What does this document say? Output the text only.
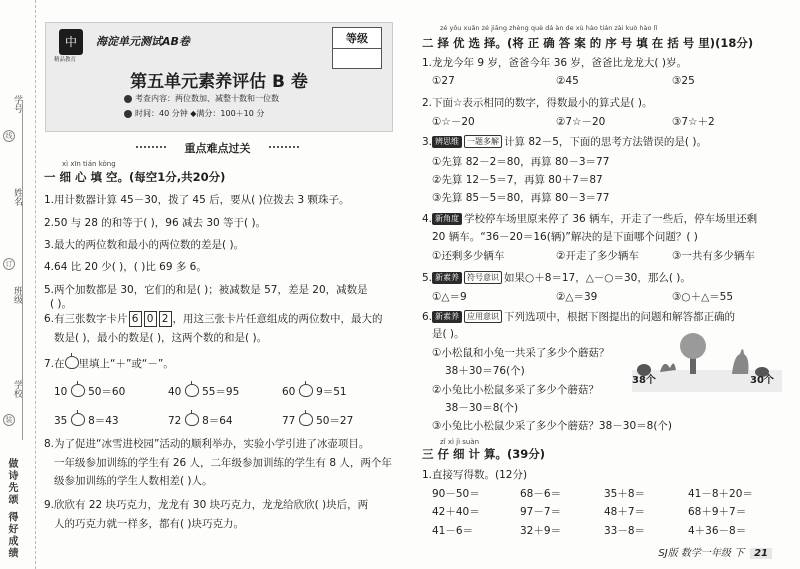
学号
线
姓名
订
班级
学校
装
做诗先颂 得好成绩
中
精品教育
海淀单元测试AB卷	等级
第五单元素养评估 B 卷
考查内容：两位数加、减整十数和一位数
时间：40 分钟 ◆满分：100＋10 分
重点难点过关
xì xīn tián kòng
一 细 心 填 空。(每空1分,共20分)
1.用计数器计算 45－30，拨了 45 后，要从( )位拨去 3 颗珠子。
2.50 与 28 的和等于( )，96 减去 30 等于( )。
3.最大的两位数和最小的两位数的差是( )。
4.64 比 20 少( )，( )比 69 多 6。
5.两个加数都是 30，它们的和是( )；被减数是 57，差是 20，减数是
( )。
6.有三张数字卡片 6 0 2 ，用这三张卡片任意组成的两位数中，最大的
数是( )，最小的数是( )，这两个数的和是( )。
7.在 里填上“＋”或“－”。
10 50＝60	40 55＝95	60 9＝51
35 8＝43	72 8＝64	77 50＝27
8.为了促进“冰雪进校园”活动的顺利举办，实验小学引进了冰壶项目。
一年级参加训练的学生有 26 人，二年级参加训练的学生有 8 人，两个年
级参加训练的学生人数相差( )人。
9.欣欣有 22 块巧克力，龙龙有 30 块巧克力，龙龙给欣欣( )块后，两
人的巧克力就一样多，都有( )块巧克力。
zé yōu xuǎn zé jiāng zhèng què dá àn de xù hào tián zài kuò hào lǐ
二 择 优 选 择。(将 正 确 答 案 的 序 号 填 在 括 号 里)(18分)
1.龙龙今年 9 岁，爸爸今年 36 岁，爸爸比龙龙大( )岁。
①27	②45	③25
2.下面☆表示相同的数字，得数最小的算式是( )。
①☆－20	②7☆－20	③7☆＋2
3. 辨思维 一题多解 计算 82－5，下面的思考方法错误的是( )。
①先算 82－2＝80，再算 80－3＝77
②先算 12－5＝7，再算 80＋7＝87
③先算 85－5＝80，再算 80－3＝77
4. 新角度 学校停车场里原来停了 36 辆车，开走了一些后，停车场里还剩
20 辆车。“36－20＝16(辆)”解决的是下面哪个问题？( )
①还剩多少辆车	②开走了多少辆车	③一共有多少辆车
5. 新素养 符号意识 如果○＋8＝17，△－○＝30，那么( )。
①△＝9	②△＝39	③○＋△＝55
6. 新素养 应用意识 下列选项中，根据下图提出的问题和解答都正确的
是( )。
①小松鼠和小兔一共采了多少个蘑菇？
38＋30＝76(个)
②小兔比小松鼠多采了多少个蘑菇？
38－30＝8(个)
③小兔比小松鼠少采了多少个蘑菇？38－30＝8(个)
38个	30个
zǐ xì jì suàn
三 仔 细 计 算。(39分)
1.直接写得数。(12分)
90－50＝	68－6＝	35＋8＝	41－8＋20＝
42＋40＝	97－7＝	48＋7＝	68＋9＋7＝
41－6＝	32＋9＝	33－8＝	4＋36－8＝
SJ版 数学一年级 下 21
